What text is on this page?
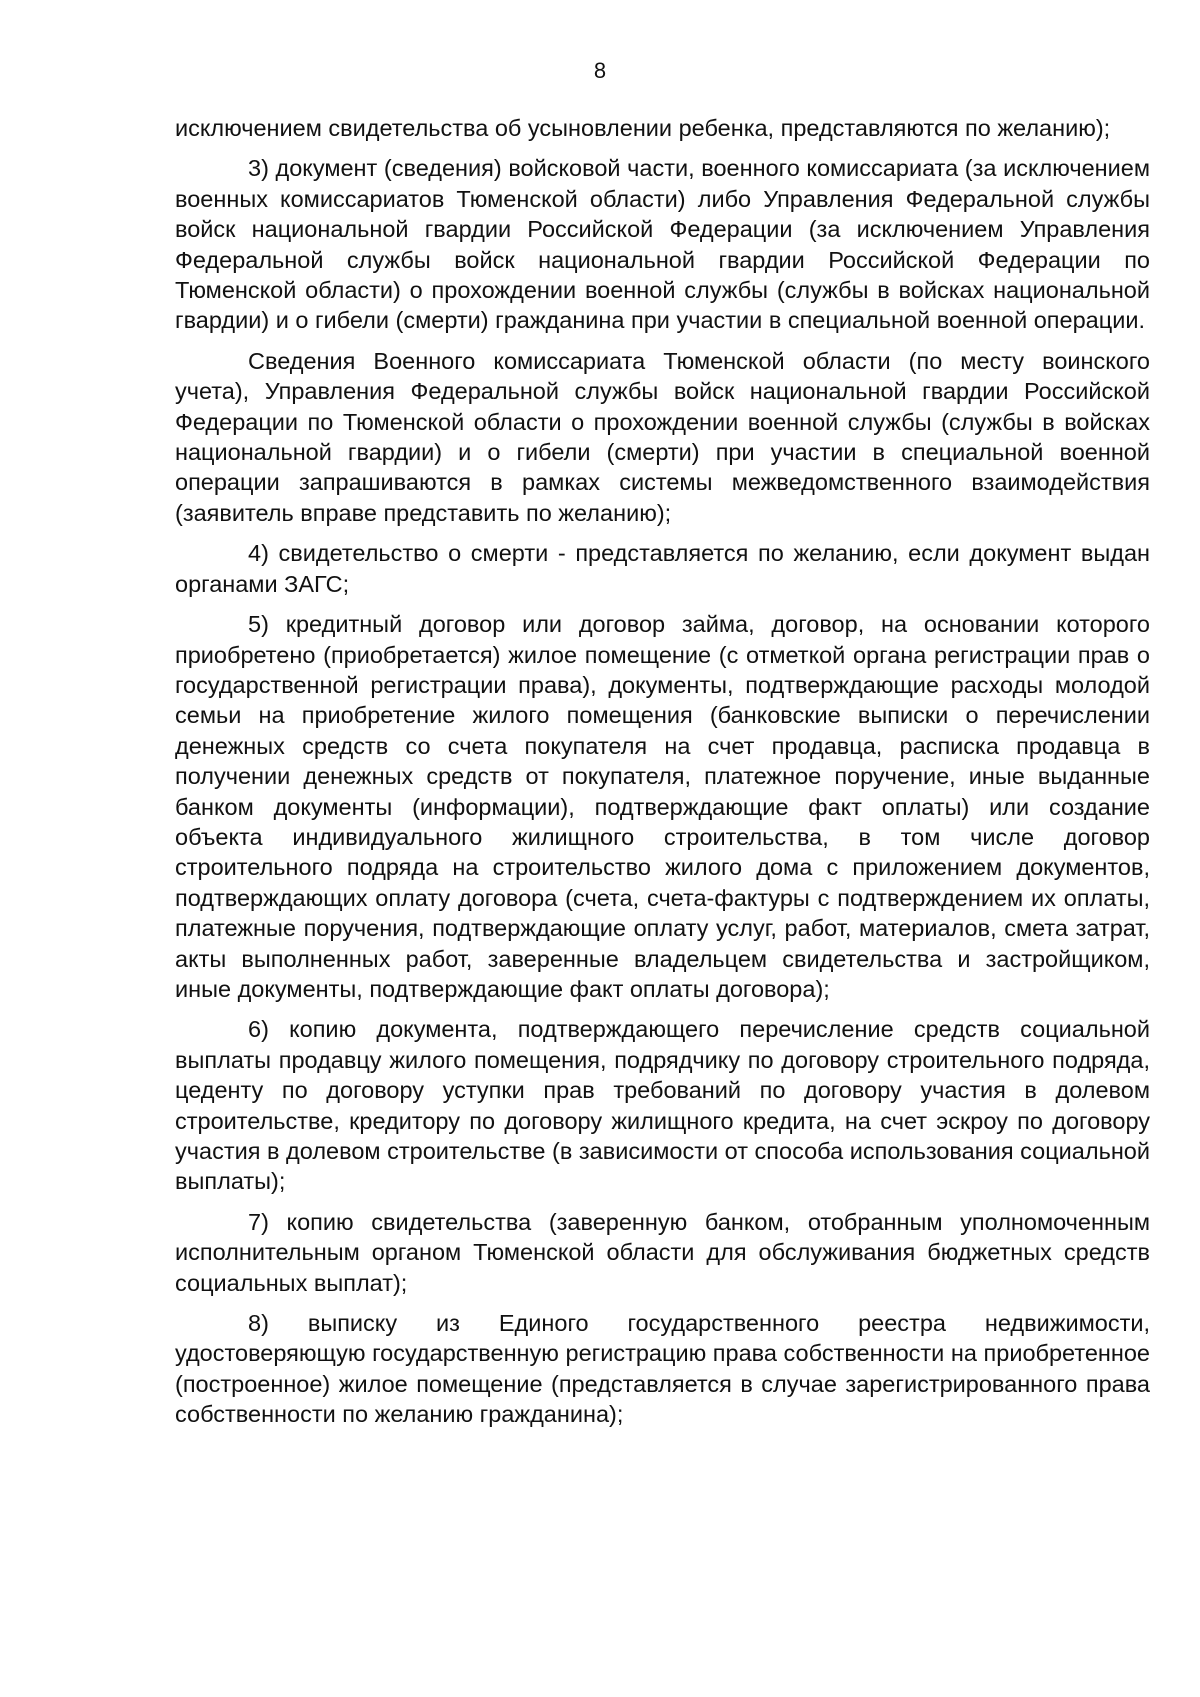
8

исключением свидетельства об усыновлении ребенка, представляются по желанию);

3) документ (сведения) войсковой части, военного комиссариата (за исключением военных комиссариатов Тюменской области) либо Управления Федеральной службы войск национальной гвардии Российской Федерации (за исключением Управления Федеральной службы войск национальной гвардии Российской Федерации по Тюменской области) о прохождении военной службы (службы в войсках национальной гвардии) и о гибели (смерти) гражданина при участии в специальной военной операции.

Сведения Военного комиссариата Тюменской области (по месту воинского учета), Управления Федеральной службы войск национальной гвардии Российской Федерации по Тюменской области о прохождении военной службы (службы в войсках национальной гвардии) и о гибели (смерти) при участии в специальной военной операции запрашиваются в рамках системы межведомственного взаимодействия (заявитель вправе представить по желанию);

4) свидетельство о смерти - представляется по желанию, если документ выдан органами ЗАГС;

5) кредитный договор или договор займа, договор, на основании которого приобретено (приобретается) жилое помещение (с отметкой органа регистрации прав о государственной регистрации права), документы, подтверждающие расходы молодой семьи на приобретение жилого помещения (банковские выписки о перечислении денежных средств со счета покупателя на счет продавца, расписка продавца в получении денежных средств от покупателя, платежное поручение, иные выданные банком документы (информации), подтверждающие факт оплаты) или создание объекта индивидуального жилищного строительства, в том числе договор строительного подряда на строительство жилого дома с приложением документов, подтверждающих оплату договора (счета, счета-фактуры с подтверждением их оплаты, платежные поручения, подтверждающие оплату услуг, работ, материалов, смета затрат, акты выполненных работ, заверенные владельцем свидетельства и застройщиком, иные документы, подтверждающие факт оплаты договора);

6) копию документа, подтверждающего перечисление средств социальной выплаты продавцу жилого помещения, подрядчику по договору строительного подряда, цеденту по договору уступки прав требований по договору участия в долевом строительстве, кредитору по договору жилищного кредита, на счет эскроу по договору участия в долевом строительстве (в зависимости от способа использования социальной выплаты);

7) копию свидетельства (заверенную банком, отобранным уполномоченным исполнительным органом Тюменской области для обслуживания бюджетных средств социальных выплат);

8) выписку из Единого государственного реестра недвижимости, удостоверяющую государственную регистрацию права собственности на приобретенное (построенное) жилое помещение (представляется в случае зарегистрированного права собственности по желанию гражданина);
